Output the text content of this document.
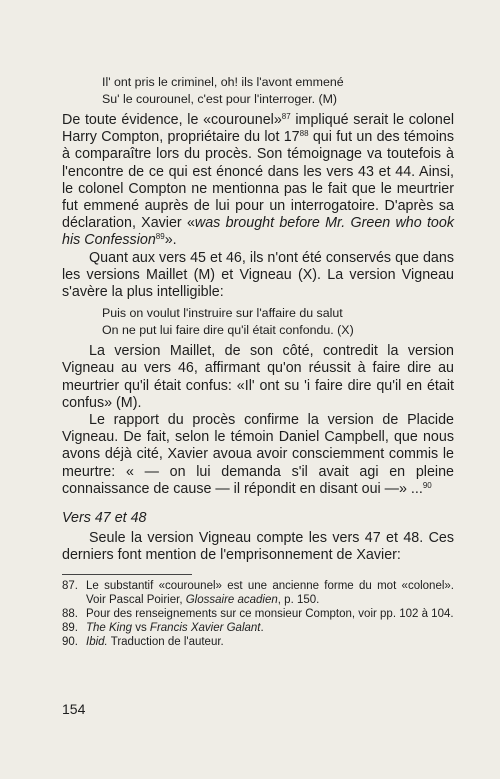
Il' ont pris le criminel, oh! ils l'avont emmené
Su' le courounel, c'est pour l'interroger. (M)

De toute évidence, le «courounel»$^{87}$ impliqué serait le colonel Harry Compton, propriétaire du lot $17^{88}$ qui fut un des témoins à comparaître lors du procès. Son témoignage va toutefois à l'encontre de ce qui est énoncé dans les vers 43 et 44. Ainsi, le colonel Compton ne mentionna pas le fait que le meurtrier fut emmené auprès de lui pour un interrogatoire. D'après sa déclaration, Xavier «was brought before Mr. Green who took his Confession$^{89}$».

Quant aux vers 45 et 46, ils n'ont été conservés que dans les versions Maillet (M) et Vigneau (X). La version Vigneau s'avère la plus intelligible:

Puis on voulut l'instruire sur l'affaire du salut
On ne put lui faire dire qu'il était confondu. (X)

La version Maillet, de son côté, contredit la version Vigneau au vers 46, affirmant qu'on réussit à faire dire au meurtrier qu'il était confus: «Il' ont su 'i faire dire qu'il en était confus» (M).

Le rapport du procès confirme la version de Placide Vigneau. De fait, selon le témoin Daniel Campbell, que nous avons déjà cité, Xavier avoua avoir consciemment commis le meurtre: « — on lui demanda s'il avait agi en pleine connaissance de cause — il répondit en disant oui —» ...$^{90}$

Vers 47 et 48

Seule la version Vigneau compte les vers 47 et 48. Ces derniers font mention de l'emprisonnement de Xavier:

87. Le substantif «courounel» est une ancienne forme du mot «colonel». Voir Pascal Poirier, Glossaire acadien, p. 150.
88. Pour des renseignements sur ce monsieur Compton, voir pp. 102 à 104.
89. The King vs Francis Xavier Galant.
90. Ibid. Traduction de l'auteur.
154
